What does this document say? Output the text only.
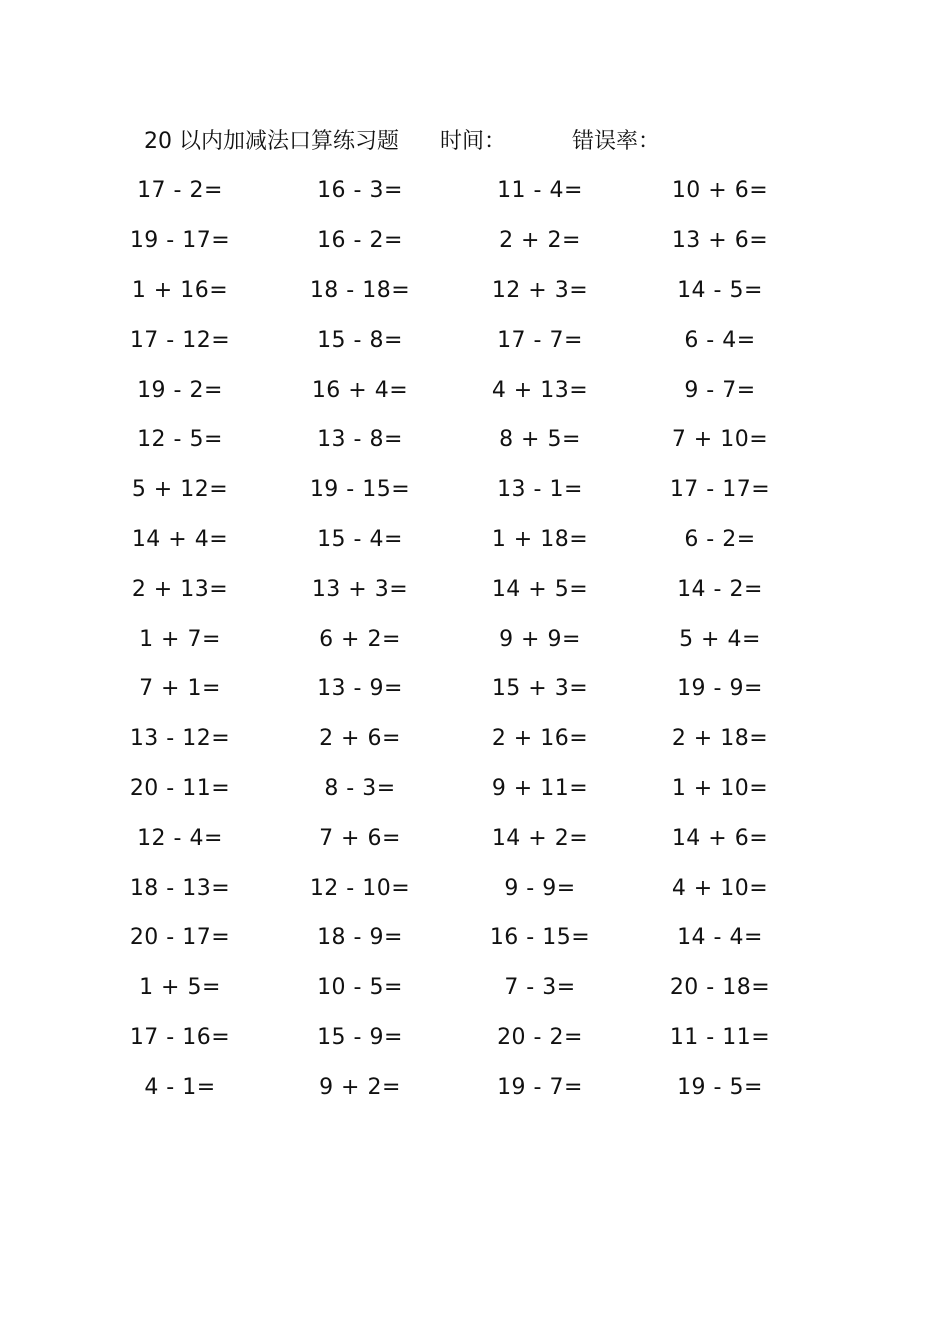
20 以内加减法口算练习题 时间：	错误率：
17 - 2=	16 - 3=	11 - 4=	10 + 6=
19 - 17=	16 - 2=	2 + 2=	13 + 6=
1 + 16=	18 - 18=	12 + 3=	14 - 5=
17 - 12=	15 - 8=	17 - 7=	6 - 4=
19 - 2=	16 + 4=	4 + 13=	9 - 7=
12 - 5=	13 - 8=	8 + 5=	7 + 10=
5 + 12=	19 - 15=	13 - 1=	17 - 17=
14 + 4=	15 - 4=	1 + 18=	6 - 2=
2 + 13=	13 + 3=	14 + 5=	14 - 2=
1 + 7=	6 + 2=	9 + 9=	5 + 4=
7 + 1=	13 - 9=	15 + 3=	19 - 9=
13 - 12=	2 + 6=	2 + 16=	2 + 18=
20 - 11=	8 - 3=	9 + 11=	1 + 10=
12 - 4=	7 + 6=	14 + 2=	14 + 6=
18 - 13=	12 - 10=	9 - 9=	4 + 10=
20 - 17=	18 - 9=	16 - 15=	14 - 4=
1 + 5=	10 - 5=	7 - 3=	20 - 18=
17 - 16=	15 - 9=	20 - 2=	11 - 11=
4 - 1=	9 + 2=	19 - 7=	19 - 5=
